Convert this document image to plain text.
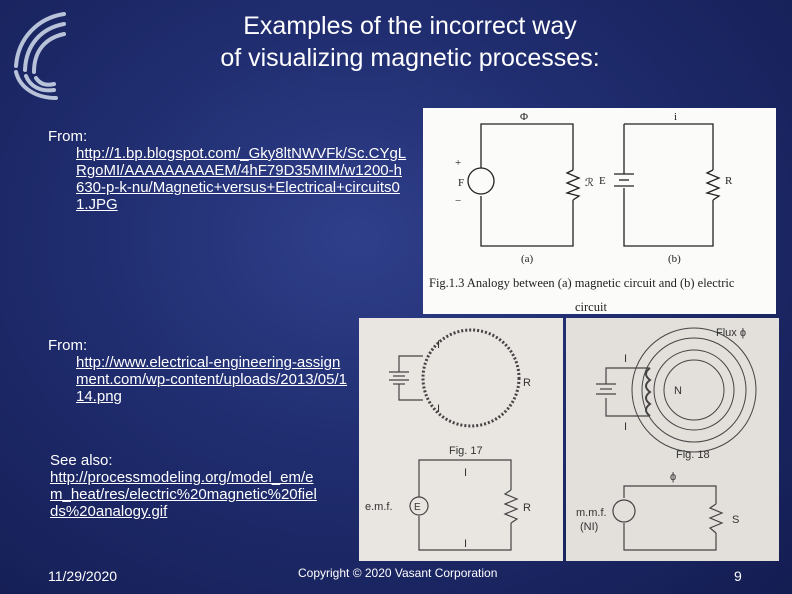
Examples of the incorrect way
of visualizing magnetic processes:
From:
http://1.bp.blogspot.com/_Gky8ltNWVFk/Sc.CYgLRgoMI/AAAAAAAAAEM/4hF79D35MIM/w1200-h630-p-k-nu/Magnetic+versus+Electrical+circuits01.JPG
From:
http://www.electrical-engineering-assignment.com/wp-content/uploads/2013/05/114.png
See also:
http://processmodeling.org/model_em/em_heat/res/electric%20magnetic%20fields%20analogy.gif
Φ	i
F
+
−
ℛ E	R
(a)	(b)
Fig.1.3 Analogy between (a) magnetic circuit and (b) electric
circuit
I
I
R
Fig. 17
e.m.f. E
I
I
R
Flux ϕ
I
I
N
Fig. 18
ϕ
m.m.f.
(NI)
S
11/29/2020	Copyright © 2020 Vasant Corporation	9
